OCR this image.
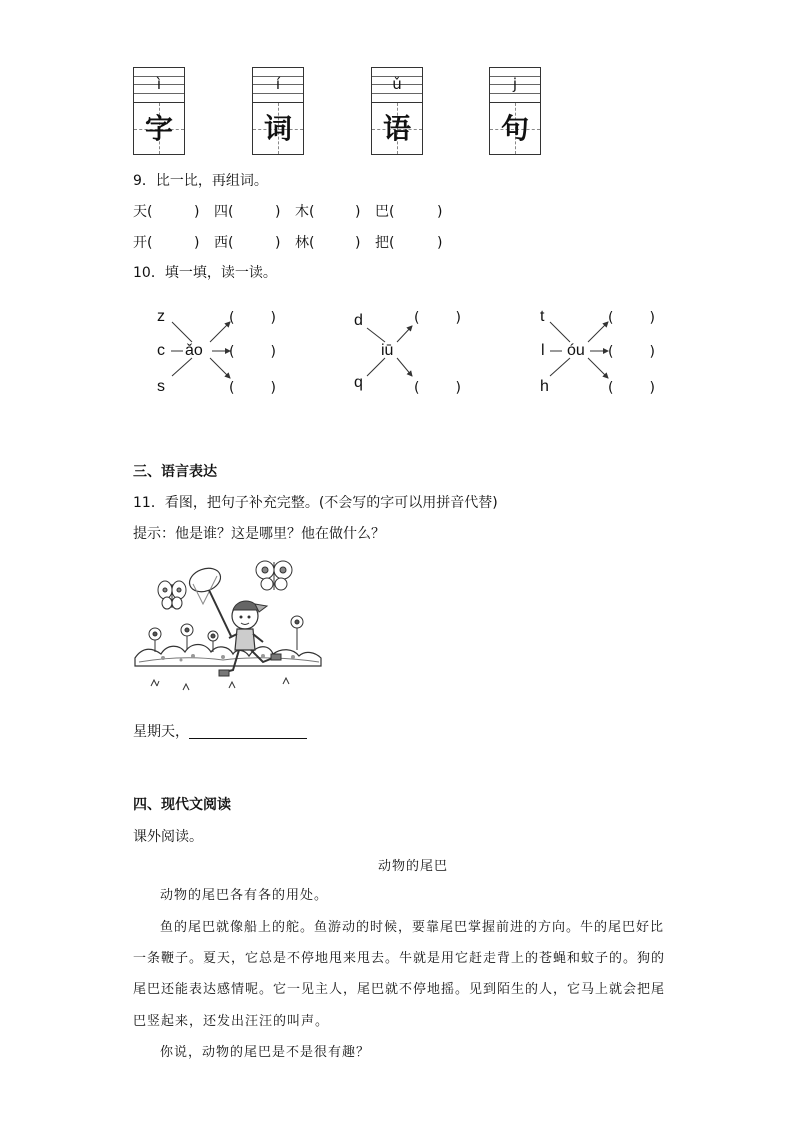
ì
字
í
词
ǔ
语
j
句
9．比一比，再组词。
天(	) 四(	) 木(	) 巴(	)
开(	) 西(	) 林(	) 把(	)
10．填一填，读一读。
z
c
s
ǎo
(	)
(	)
(	)
d
q
iū
(	)
(	)
t
l
h
óu
(	)
(	)
(	)
三、语言表达
11．看图，把句子补充完整。(不会写的字可以用拼音代替)
提示：他是谁？这是哪里？他在做什么？
星期天，
四、现代文阅读
课外阅读。
动物的尾巴
动物的尾巴各有各的用处。
鱼的尾巴就像船上的舵。鱼游动的时候，要靠尾巴掌握前进的方向。牛的尾巴好比
一条鞭子。夏天，它总是不停地甩来甩去。牛就是用它赶走背上的苍蝇和蚊子的。狗的
尾巴还能表达感情呢。它一见主人，尾巴就不停地摇。见到陌生的人，它马上就会把尾
巴竖起来，还发出汪汪的叫声。
你说，动物的尾巴是不是很有趣？
